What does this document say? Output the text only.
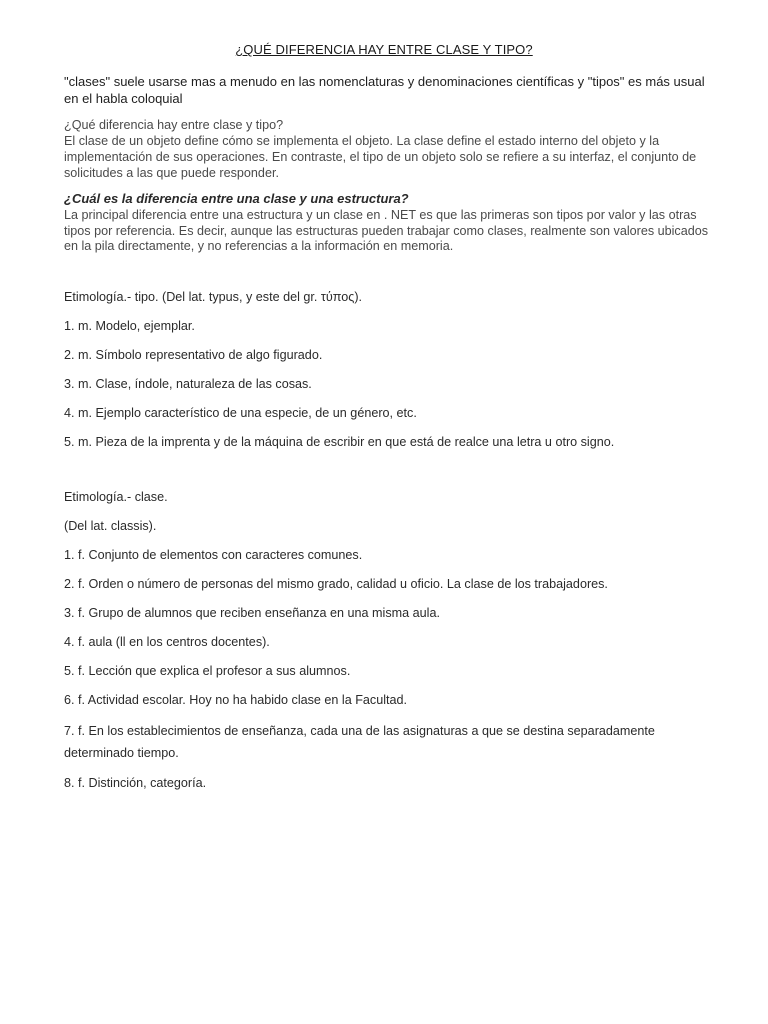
¿QUÉ DIFERENCIA HAY ENTRE CLASE Y TIPO?
"clases" suele usarse mas a menudo en las nomenclaturas y denominaciones científicas y "tipos" es más usual en el habla coloquial
¿Qué diferencia hay entre clase y tipo?
El clase de un objeto define cómo se implementa el objeto. La clase define el estado interno del objeto y la implementación de sus operaciones. En contraste, el tipo de un objeto solo se refiere a su interfaz, el conjunto de solicitudes a las que puede responder.
¿Cuál es la diferencia entre una clase y una estructura?
La principal diferencia entre una estructura y un clase en . NET es que las primeras son tipos por valor y las otras tipos por referencia. Es decir, aunque las estructuras pueden trabajar como clases, realmente son valores ubicados en la pila directamente, y no referencias a la información en memoria.
Etimología.- tipo. (Del lat. typus, y este del gr. τύπος).
1. m. Modelo, ejemplar.
2. m. Símbolo representativo de algo figurado.
3. m. Clase, índole, naturaleza de las cosas.
4. m. Ejemplo característico de una especie, de un género, etc.
5. m. Pieza de la imprenta y de la máquina de escribir en que está de realce una letra u otro signo.
Etimología.- clase.
(Del lat. classis).
1. f. Conjunto de elementos con caracteres comunes.
2. f. Orden o número de personas del mismo grado, calidad u oficio. La clase de los trabajadores.
3. f. Grupo de alumnos que reciben enseñanza en una misma aula.
4. f. aula (ll en los centros docentes).
5. f. Lección que explica el profesor a sus alumnos.
6. f. Actividad escolar. Hoy no ha habido clase en la Facultad.
7. f. En los establecimientos de enseñanza, cada una de las asignaturas a que se destina separadamente determinado tiempo.
8. f. Distinción, categoría.
